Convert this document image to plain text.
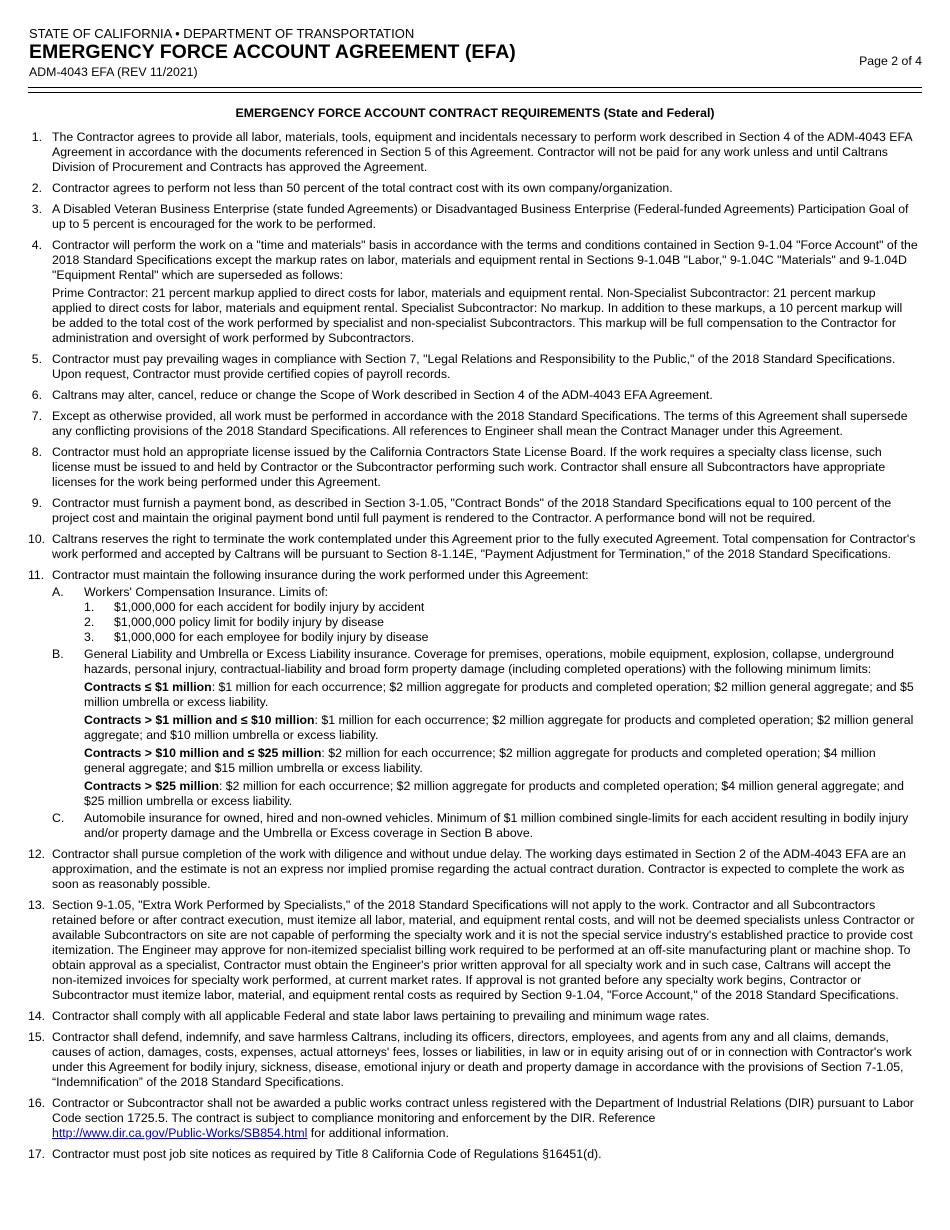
STATE OF CALIFORNIA • DEPARTMENT OF TRANSPORTATION
EMERGENCY FORCE ACCOUNT AGREEMENT (EFA)
ADM-4043 EFA (REV 11/2021)
Page 2 of 4
EMERGENCY FORCE ACCOUNT CONTRACT REQUIREMENTS (State and Federal)
1. The Contractor agrees to provide all labor, materials, tools, equipment and incidentals necessary to perform work described in Section 4 of the ADM-4043 EFA Agreement in accordance with the documents referenced in Section 5 of this Agreement. Contractor will not be paid for any work unless and until Caltrans Division of Procurement and Contracts has approved the Agreement.
2. Contractor agrees to perform not less than 50 percent of the total contract cost with its own company/organization.
3. A Disabled Veteran Business Enterprise (state funded Agreements) or Disadvantaged Business Enterprise (Federal-funded Agreements) Participation Goal of up to 5 percent is encouraged for the work to be performed.
4. Contractor will perform the work on a "time and materials" basis in accordance with the terms and conditions contained in Section 9-1.04 "Force Account" of the 2018 Standard Specifications except the markup rates on labor, materials and equipment rental in Sections 9-1.04B "Labor," 9-1.04C "Materials" and 9-1.04D "Equipment Rental" which are superseded as follows:
Prime Contractor: 21 percent markup applied to direct costs for labor, materials and equipment rental. Non-Specialist Subcontractor: 21 percent markup applied to direct costs for labor, materials and equipment rental. Specialist Subcontractor: No markup. In addition to these markups, a 10 percent markup will be added to the total cost of the work performed by specialist and non-specialist Subcontractors. This markup will be full compensation to the Contractor for administration and oversight of work performed by Subcontractors.
5. Contractor must pay prevailing wages in compliance with Section 7, "Legal Relations and Responsibility to the Public," of the 2018 Standard Specifications. Upon request, Contractor must provide certified copies of payroll records.
6. Caltrans may alter, cancel, reduce or change the Scope of Work described in Section 4 of the ADM-4043 EFA Agreement.
7. Except as otherwise provided, all work must be performed in accordance with the 2018 Standard Specifications. The terms of this Agreement shall supersede any conflicting provisions of the 2018 Standard Specifications. All references to Engineer shall mean the Contract Manager under this Agreement.
8. Contractor must hold an appropriate license issued by the California Contractors State License Board. If the work requires a specialty class license, such license must be issued to and held by Contractor or the Subcontractor performing such work. Contractor shall ensure all Subcontractors have appropriate licenses for the work being performed under this Agreement.
9. Contractor must furnish a payment bond, as described in Section 3-1.05, "Contract Bonds" of the 2018 Standard Specifications equal to 100 percent of the project cost and maintain the original payment bond until full payment is rendered to the Contractor. A performance bond will not be required.
10. Caltrans reserves the right to terminate the work contemplated under this Agreement prior to the fully executed Agreement. Total compensation for Contractor's work performed and accepted by Caltrans will be pursuant to Section 8-1.14E, "Payment Adjustment for Termination," of the 2018 Standard Specifications.
11. Contractor must maintain the following insurance during the work performed under this Agreement:
A.	Workers' Compensation Insurance. Limits of:
1.	$1,000,000 for each accident for bodily injury by accident
2.	$1,000,000 policy limit for bodily injury by disease
3.	$1,000,000 for each employee for bodily injury by disease
B.	General Liability and Umbrella or Excess Liability insurance. Coverage for premises, operations, mobile equipment, explosion, collapse, underground hazards, personal injury, contractual-liability and broad form property damage (including completed operations) with the following minimum limits:
Contracts ≤ $1 million: $1 million for each occurrence; $2 million aggregate for products and completed operation; $2 million general aggregate; and $5 million umbrella or excess liability.
Contracts > $1 million and ≤ $10 million: $1 million for each occurrence; $2 million aggregate for products and completed operation; $2 million general aggregate; and $10 million umbrella or excess liability.
Contracts > $10 million and ≤ $25 million: $2 million for each occurrence; $2 million aggregate for products and completed operation; $4 million general aggregate; and $15 million umbrella or excess liability.
Contracts > $25 million: $2 million for each occurrence; $2 million aggregate for products and completed operation; $4 million general aggregate; and $25 million umbrella or excess liability.
C.	Automobile insurance for owned, hired and non-owned vehicles. Minimum of $1 million combined single-limits for each accident resulting in bodily injury and/or property damage and the Umbrella or Excess coverage in Section B above.
12. Contractor shall pursue completion of the work with diligence and without undue delay. The working days estimated in Section 2 of the ADM-4043 EFA are an approximation, and the estimate is not an express nor implied promise regarding the actual contract duration. Contractor is expected to complete the work as soon as reasonably possible.
13. Section 9-1.05, "Extra Work Performed by Specialists," of the 2018 Standard Specifications will not apply to the work. Contractor and all Subcontractors retained before or after contract execution, must itemize all labor, material, and equipment rental costs, and will not be deemed specialists unless Contractor or available Subcontractors on site are not capable of performing the specialty work and it is not the special service industry's established practice to provide cost itemization. The Engineer may approve for non-itemized specialist billing work required to be performed at an off-site manufacturing plant or machine shop. To obtain approval as a specialist, Contractor must obtain the Engineer's prior written approval for all specialty work and in such case, Caltrans will accept the non-itemized invoices for specialty work performed, at current market rates. If approval is not granted before any specialty work begins, Contractor or Subcontractor must itemize labor, material, and equipment rental costs as required by Section 9-1.04, "Force Account," of the 2018 Standard Specifications.
14. Contractor shall comply with all applicable Federal and state labor laws pertaining to prevailing and minimum wage rates.
15. Contractor shall defend, indemnify, and save harmless Caltrans, including its officers, directors, employees, and agents from any and all claims, demands, causes of action, damages, costs, expenses, actual attorneys' fees, losses or liabilities, in law or in equity arising out of or in connection with Contractor's work under this Agreement for bodily injury, sickness, disease, emotional injury or death and property damage in accordance with the provisions of Section 7-1.05, “Indemnification” of the 2018 Standard Specifications.
16. Contractor or Subcontractor shall not be awarded a public works contract unless registered with the Department of Industrial Relations (DIR) pursuant to Labor Code section 1725.5. The contract is subject to compliance monitoring and enforcement by the DIR. Reference
http://www.dir.ca.gov/Public-Works/SB854.html for additional information.
17. Contractor must post job site notices as required by Title 8 California Code of Regulations §16451(d).
